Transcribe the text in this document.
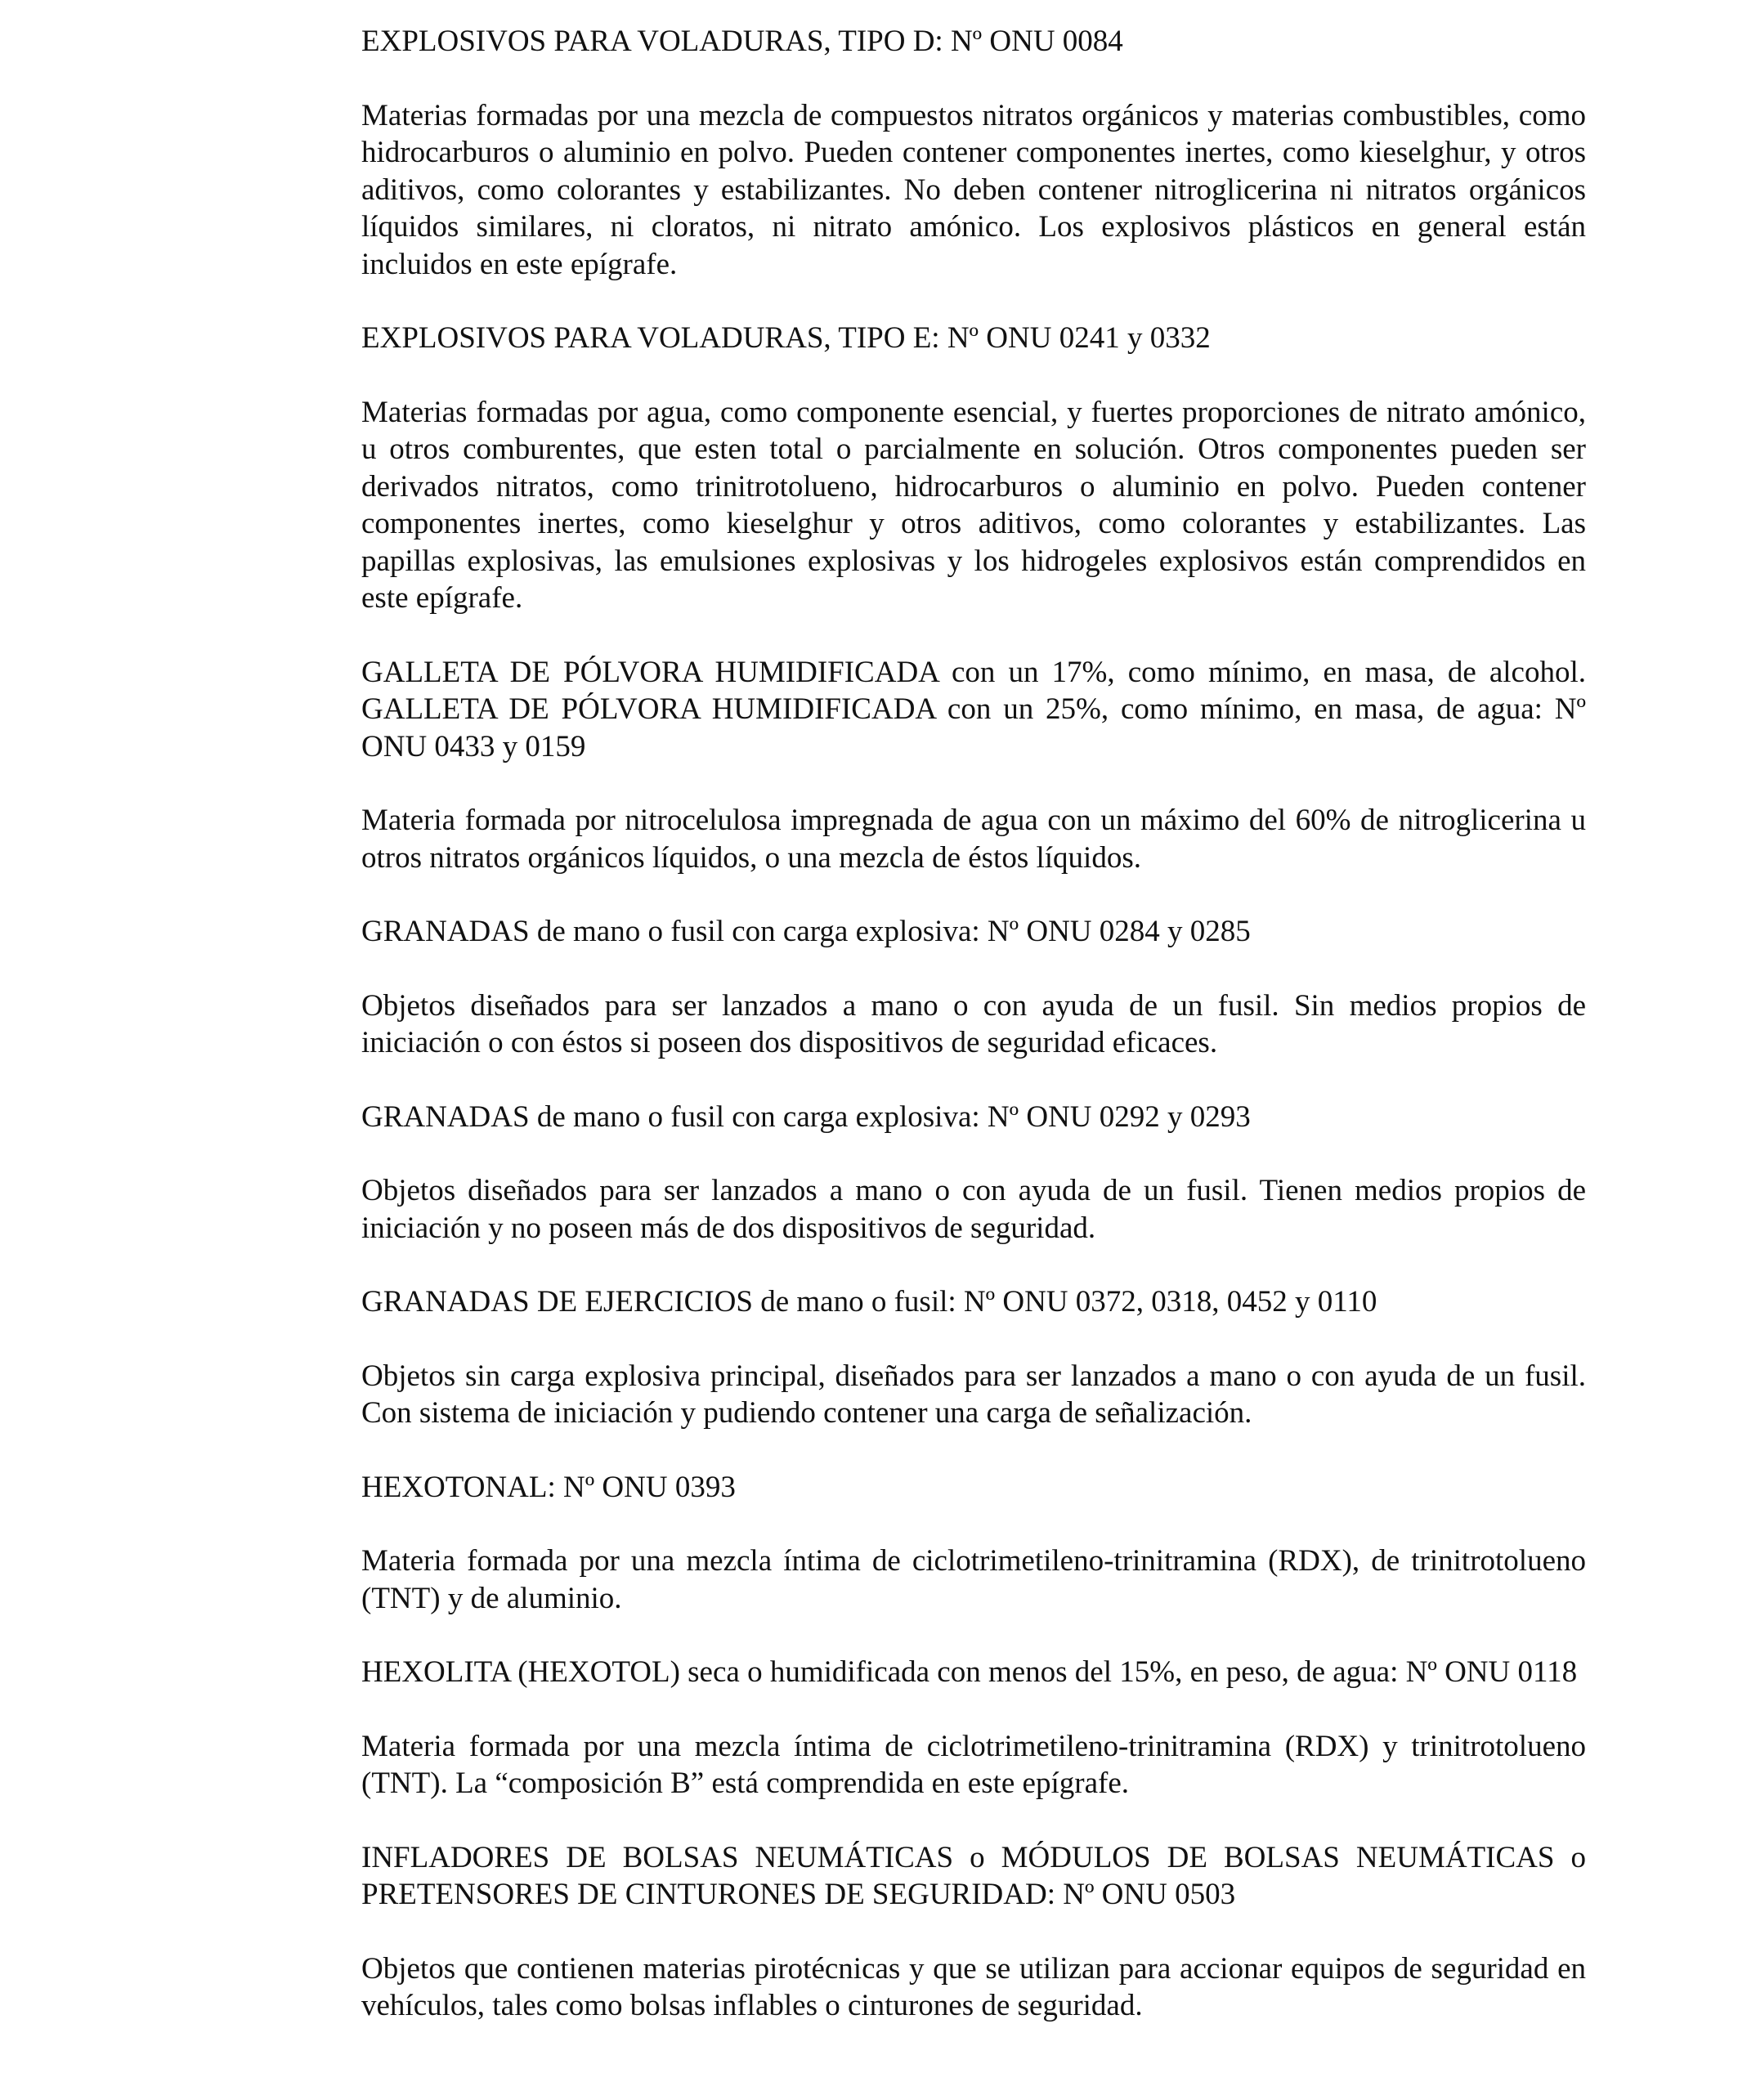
EXPLOSIVOS PARA VOLADURAS, TIPO D: Nº ONU 0084

Materias formadas por una mezcla de compuestos nitratos orgánicos y materias combustibles, como hidrocarburos o aluminio en polvo. Pueden contener componentes inertes, como kieselghur, y otros aditivos, como colorantes y estabilizantes. No deben contener nitroglicerina ni nitratos orgánicos líquidos similares, ni cloratos, ni nitrato amónico. Los explosivos plásticos en general están incluidos en este epígrafe.

EXPLOSIVOS PARA VOLADURAS, TIPO E: Nº ONU 0241 y 0332

Materias formadas por agua, como componente esencial, y fuertes proporciones de nitrato amónico, u otros comburentes, que esten total o parcialmente en solución. Otros componentes pueden ser derivados nitratos, como trinitrotolueno, hidrocarburos o aluminio en polvo. Pueden contener componentes inertes, como kieselghur y otros aditivos, como colorantes y estabilizantes. Las papillas explosivas, las emulsiones explosivas y los hidrogeles explosivos están comprendidos en este epígrafe.

GALLETA DE PÓLVORA HUMIDIFICADA con un 17%, como mínimo, en masa, de alcohol. GALLETA DE PÓLVORA HUMIDIFICADA con un 25%, como mínimo, en masa, de agua: Nº ONU 0433 y 0159

Materia formada por nitrocelulosa impregnada de agua con un máximo del 60% de nitroglicerina u otros nitratos orgánicos líquidos, o una mezcla de éstos líquidos.

GRANADAS de mano o fusil con carga explosiva: Nº ONU 0284 y 0285

Objetos diseñados para ser lanzados a mano o con ayuda de un fusil. Sin medios propios de iniciación o con éstos si poseen dos dispositivos de seguridad eficaces.

GRANADAS de mano o fusil con carga explosiva: Nº ONU 0292 y 0293

Objetos diseñados para ser lanzados a mano o con ayuda de un fusil. Tienen medios propios de iniciación y no poseen más de dos dispositivos de seguridad.

GRANADAS DE EJERCICIOS de mano o fusil: Nº ONU 0372, 0318, 0452 y 0110

Objetos sin carga explosiva principal, diseñados para ser lanzados a mano o con ayuda de un fusil. Con sistema de iniciación y pudiendo contener una carga de señalización.

HEXOTONAL: Nº ONU 0393

Materia formada por una mezcla íntima de ciclotrimetileno-trinitramina (RDX), de trinitrotolueno (TNT) y de aluminio.

HEXOLITA (HEXOTOL) seca o humidificada con menos del 15%, en peso, de agua: Nº ONU 0118

Materia formada por una mezcla íntima de ciclotrimetileno-trinitramina (RDX) y trinitrotolueno (TNT). La “composición B” está comprendida en este epígrafe.

INFLADORES DE BOLSAS NEUMÁTICAS o MÓDULOS DE BOLSAS NEUMÁTICAS o PRETENSORES DE CINTURONES DE SEGURIDAD: Nº ONU 0503

Objetos que contienen materias pirotécnicas y que se utilizan para accionar equipos de seguridad en vehículos, tales como bolsas inflables o cinturones de seguridad.
